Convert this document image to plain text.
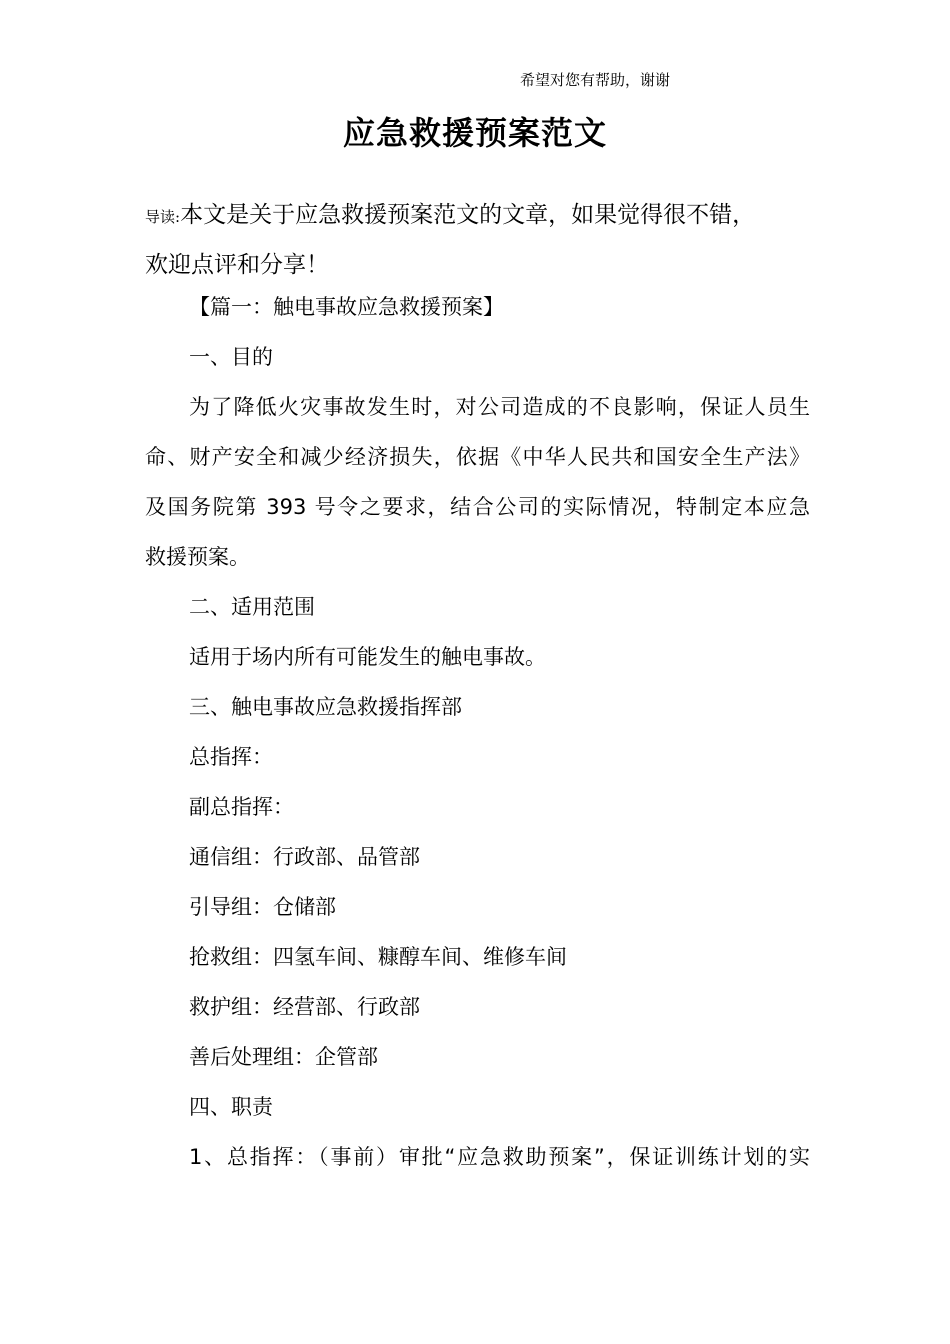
希望对您有帮助，谢谢
应急救援预案范文
导读:本文是关于应急救援预案范文的文章，如果觉得很不错，
欢迎点评和分享！
【篇一：触电事故应急救援预案】
一、目的
为了降低火灾事故发生时，对公司造成的不良影响，保证人员生
命、财产安全和减少经济损失，依据《中华人民共和国安全生产法》
及国务院第 393 号令之要求，结合公司的实际情况，特制定本应急
救援预案。
二、适用范围
适用于场内所有可能发生的触电事故。
三、触电事故应急救援指挥部
总指挥：
副总指挥：
通信组：行政部、品管部
引导组：仓储部
抢救组：四氢车间、糠醇车间、维修车间
救护组：经营部、行政部
善后处理组：企管部
四、职责
1、总指挥：（事前）审批“应急救助预案”，保证训练计划的实
